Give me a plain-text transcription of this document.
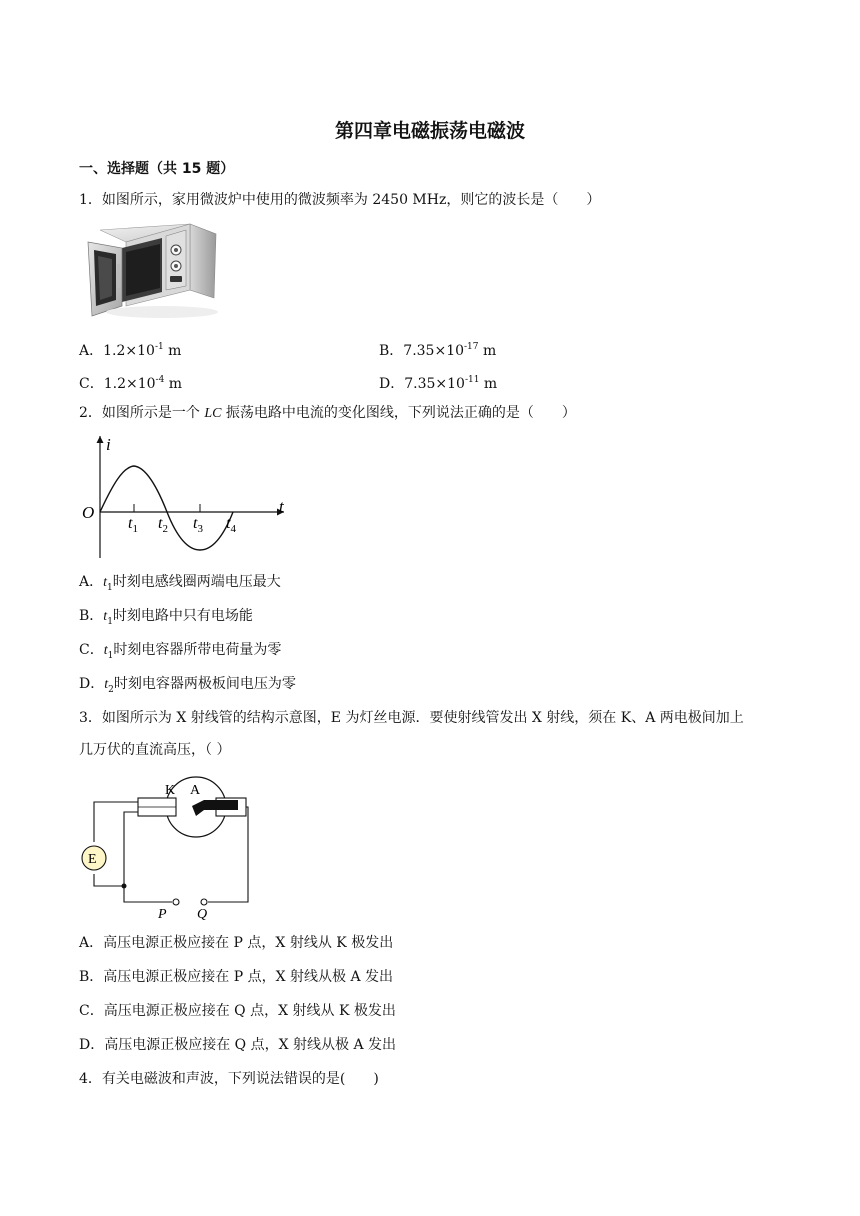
第四章电磁振荡电磁波
一、选择题（共 15 题）
1．如图所示，家用微波炉中使用的微波频率为 2450 MHz，则它的波长是（　　）
A．$1.2\times 10^{-1}$ m	B．$7.35\times 10^{-17}$ m
C．$1.2\times 10^{-4}$ m	D．$7.35\times 10^{-11}$ m
2．如图所示是一个 LC 振荡电路中电流的变化图线，下列说法正确的是（　　）
i
t
O
$t_1$ $t_2$ $t_3$ $t_4$
A．$t_1$时刻电感线圈两端电压最大
B．$t_1$时刻电路中只有电场能
C．$t_1$时刻电容器所带电荷量为零
D．$t_2$时刻电容器两极板间电压为零
3．如图所示为 X 射线管的结构示意图，E 为灯丝电源．要使射线管发出 X 射线，须在 K、A 两电极间加上
几万伏的直流高压，（ ）
K A
E
P Q
A．高压电源正极应接在 P 点，X 射线从 K 极发出
B．高压电源正极应接在 P 点，X 射线从极 A 发出
C．高压电源正极应接在 Q 点，X 射线从 K 极发出
D．高压电源正极应接在 Q 点，X 射线从极 A 发出
4．有关电磁波和声波，下列说法错误的是(　　)
